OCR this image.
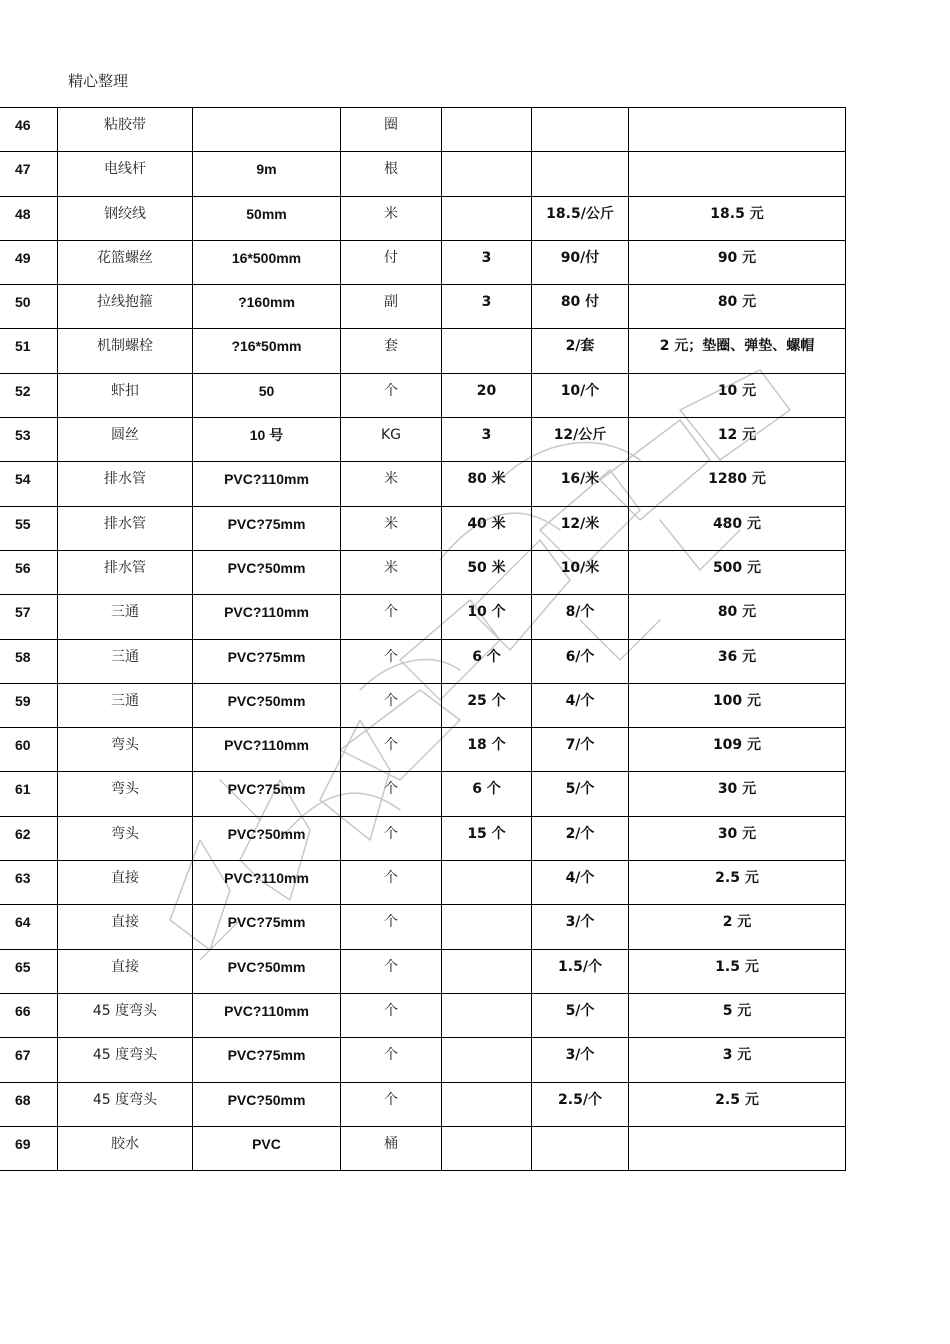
精心整理
46	粘胶带		圈			
47	电线杆	9m	根			
48	钢绞线	50mm	米		18.5/公斤	18.5 元
49	花篮螺丝	16*500mm	付	3	90/付	90 元
50	拉线抱箍	?160mm	副	3	80 付	80 元
51	机制螺栓	?16*50mm	套		2/套	2 元；垫圈、弹垫、螺帽
52	虾扣	50	个	20	10/个	10 元
53	圆丝	10 号	KG	3	12/公斤	12 元
54	排水管	PVC?110mm	米	80 米	16/米	1280 元
55	排水管	PVC?75mm	米	40 米	12/米	480 元
56	排水管	PVC?50mm	米	50 米	10/米	500 元
57	三通	PVC?110mm	个	10 个	8/个	80 元
58	三通	PVC?75mm	个	6 个	6/个	36 元
59	三通	PVC?50mm	个	25 个	4/个	100 元
60	弯头	PVC?110mm	个	18 个	7/个	109 元
61	弯头	PVC?75mm	个	6 个	5/个	30 元
62	弯头	PVC?50mm	个	15 个	2/个	30 元
63	直接	PVC?110mm	个		4/个	2.5 元
64	直接	PVC?75mm	个		3/个	2 元
65	直接	PVC?50mm	个		1.5/个	1.5 元
66	45 度弯头	PVC?110mm	个		5/个	5 元
67	45 度弯头	PVC?75mm	个		3/个	3 元
68	45 度弯头	PVC?50mm	个		2.5/个	2.5 元
69	胶水	PVC	桶			
